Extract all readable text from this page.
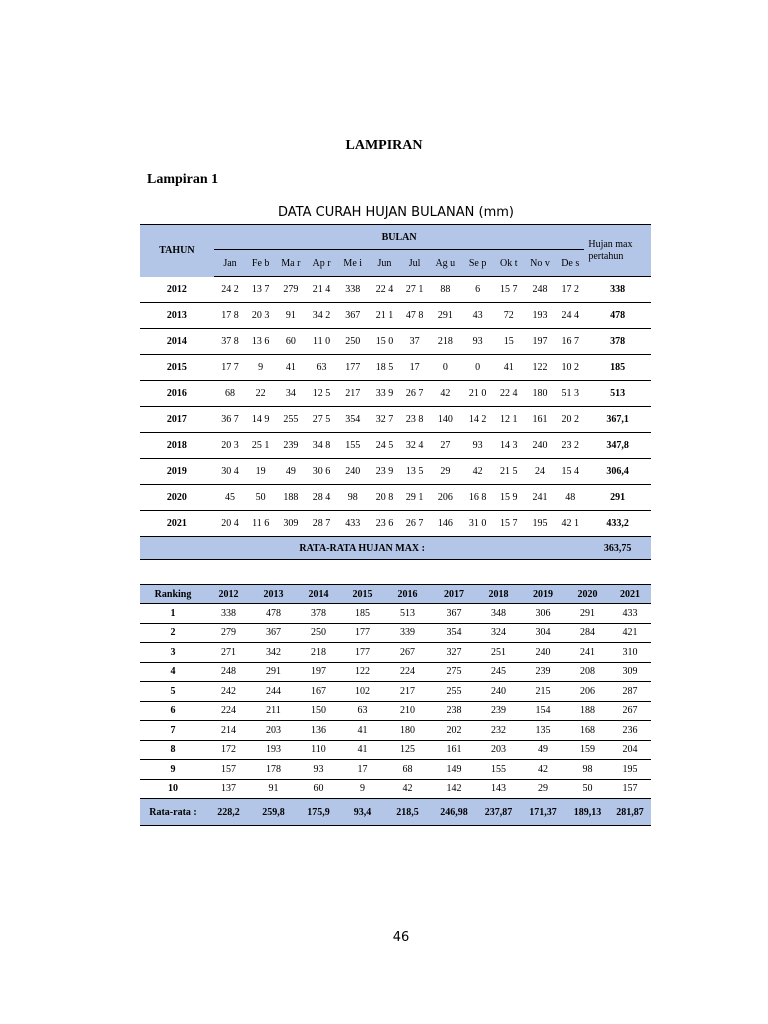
LAMPIRAN
Lampiran 1
DATA CURAH HUJAN BULANAN (mm)
TAHUN	BULAN												Hujan max pertahun
	Jan	Fe b	Ma r	Ap r	Me i	Jun	Jul	Ag u	Se p	Ok t	No v	De s	
2012	24 2	13 7	279	21 4	338	22 4	27 1	88	6	15 7	248	17 2	338
2013	17 8	20 3	91	34 2	367	21 1	47 8	291	43	72	193	24 4	478
2014	37 8	13 6	60	11 0	250	15 0	37	218	93	15	197	16 7	378
2015	17 7	9	41	63	177	18 5	17	0	0	41	122	10 2	185
2016	68	22	34	12 5	217	33 9	26 7	42	21 0	22 4	180	51 3	513
2017	36 7	14 9	255	27 5	354	32 7	23 8	140	14 2	12 1	161	20 2	367,1
2018	20 3	25 1	239	34 8	155	24 5	32 4	27	93	14 3	240	23 2	347,8
2019	30 4	19	49	30 6	240	23 9	13 5	29	42	21 5	24	15 4	306,4
2020	45	50	188	28 4	98	20 8	29 1	206	16 8	15 9	241	48	291
2021	20 4	11 6	309	28 7	433	23 6	26 7	146	31 0	15 7	195	42 1	433,2
RATA-RATA HUJAN MAX :													363,75
Ranking	2012	2013	2014	2015	2016	2017	2018	2019	2020	2021
1	338	478	378	185	513	367	348	306	291	433
2	279	367	250	177	339	354	324	304	284	421
3	271	342	218	177	267	327	251	240	241	310
4	248	291	197	122	224	275	245	239	208	309
5	242	244	167	102	217	255	240	215	206	287
6	224	211	150	63	210	238	239	154	188	267
7	214	203	136	41	180	202	232	135	168	236
8	172	193	110	41	125	161	203	49	159	204
9	157	178	93	17	68	149	155	42	98	195
10	137	91	60	9	42	142	143	29	50	157
Rata-rata :	228,2	259,8	175,9	93,4	218,5	246,98	237,87	171,37	189,13	281,87
46
